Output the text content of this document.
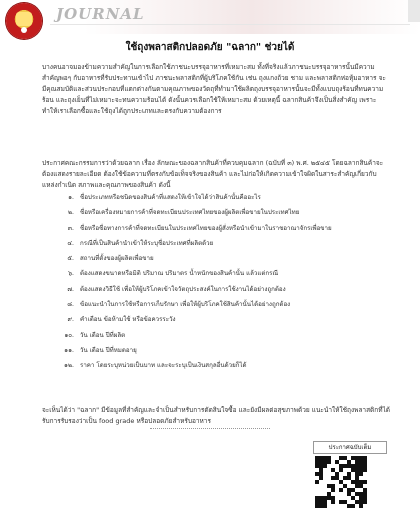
JOURNAL
ใช้ถุงพลาสติกปลอดภัย "ฉลาก" ช่วยได้
บางคนอาจมองข้ามความสำคัญในการเลือกใช้ภาชนะบรรจุอาหารที่เหมาะสม ทั้งที่จริงแล้วภาชนะบรรจุอาหารนั้นมีความสำคัญพอๆ กับอาหารที่รับประทานเข้าไป ภาชนะพลาสติกที่ผู้บริโภคใช้กัน เช่น ถุงแกงถ้วย ชาม และพลาสติกห่อหุ้มอาหาร จะมีคุณสมบัติและส่วนประกอบที่แตกต่างกันตามคุณภาพของวัตถุที่ทำมาใช้ผลิตถุงบรรจุอาหารนั้นจะมีทั้งแบบถุงร้อนที่ทนความร้อน และถุงเย็นที่ไม่เหมาะจะทนความร้อนได้ ดังนั้นควรเลือกใช้ให้เหมาะสม ด้วยเหตุนี้ ฉลากสินค้าจึงเป็นสิ่งสำคัญ เพราะทำให้เราเลือกซื้อและใช้ถุงได้ถูกประเภทและตรงกับความต้องการ
ประกาศคณะกรรมการว่าด้วยฉลาก เรื่อง ลักษณะของฉลากสินค้าที่ควบคุมฉลาก (ฉบับที่ ๓) พ.ศ. ๒๕๔๕ โดยฉลากสินค้าจะต้องแสดงรายละเอียด ต้องใช้ข้อความที่ตรงกับข้อเท็จจริงของสินค้า และไม่ก่อให้เกิดความเข้าใจผิดในสาระสำคัญเกี่ยวกับแหล่งกำเนิด สภาพและคุณภาพของสินค้า ดังนี้
๑. ชื่อประเภทหรือชนิดของสินค้าที่แสดงให้เข้าใจได้ว่าสินค้านั้นคืออะไร
๒. ชื่อหรือเครื่องหมายการค้าที่จดทะเบียนประเทศไทยของผู้ผลิตเพื่อขายในประเทศไทย
๓. ชื่อหรือชื่อทางการค้าที่จดทะเบียนในประเทศไทยของผู้สั่งหรือนำเข้ามาในราชอาณาจักรเพื่อขาย
๔. กรณีที่เป็นสินค้านำเข้าให้ระบุชื่อประเทศที่ผลิตด้วย
๕. สถานที่ตั้งของผู้ผลิตเพื่อขาย
๖. ต้องแสดงขนาดหรือมิติ ปริมาณ ปริมาตร น้ำหนักของสินค้านั้น แล้วแต่กรณี
๗. ต้องแสดงวิธีใช้ เพื่อให้ผู้บริโภคเข้าใจวัตถุประสงค์ในการใช้งานได้อย่างถูกต้อง
๘. ข้อแนะนำในการใช้หรือการเก็บรักษา เพื่อให้ผู้บริโภคใช้สินค้านั้นได้อย่างถูกต้อง
๙. คำเตือน ข้อห้ามใช้ หรือข้อควรระวัง
๑๐. วัน เดือน ปีที่ผลิต
๑๑. วัน เดือน ปีที่หมดอายุ
๑๒. ราคา โดยระบุหน่วยเป็นบาท และจะระบุเป็นเงินสกุลอื่นด้วยก็ได้
จะเห็นได้ว่า "ฉลาก" มีข้อมูลที่สำคัญและจำเป็นสำหรับการตัดสินใจซื้อ และยังมีผลต่อสุขภาพด้วย แนะนำให้ใช้ถุงพลาสติกที่ได้รับการรับรองว่าเป็น food grade หรือปลอดภัยสำหรับอาหาร
ประกาศฉบับเต็ม
